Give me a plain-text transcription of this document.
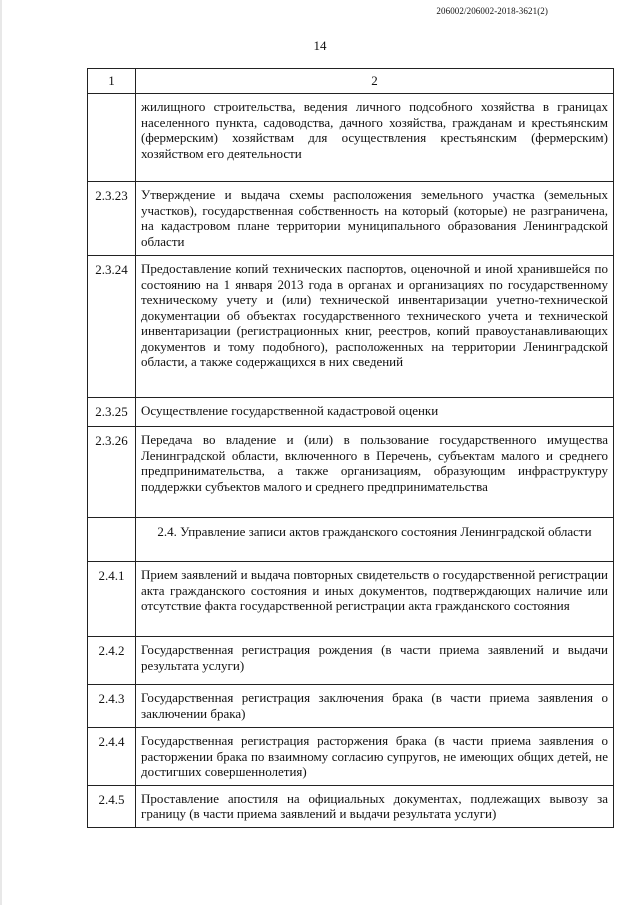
206002/206002-2018-3621(2)
14
1	2
	жилищного строительства, ведения личного подсобного хозяйства в границах населенного пункта, садоводства, дачного хозяйства, гражданам и крестьянским (фермерским) хозяйствам для осуществления крестьянским (фермерским) хозяйством его деятельности
2.3.23	Утверждение и выдача схемы расположения земельного участка (земельных участков), государственная собственность на который (которые) не разграничена, на кадастровом плане территории муниципального образования Ленинградской области
2.3.24	Предоставление копий технических паспортов, оценочной и иной хранившейся по состоянию на 1 января 2013 года в органах и организациях по государственному техническому учету и (или) технической инвентаризации учетно-технической документации об объектах государственного технического учета и технической инвентаризации (регистрационных книг, реестров, копий правоустанавливающих документов и тому подобного), расположенных на территории Ленинградской области, а также содержащихся в них сведений
2.3.25	Осуществление государственной кадастровой оценки
2.3.26	Передача во владение и (или) в пользование государственного имущества Ленинградской области, включенного в Перечень, субъектам малого и среднего предпринимательства, а также организациям, образующим инфраструктуру поддержки субъектов малого и среднего предпринимательства
	2.4. Управление записи актов гражданского состояния Ленинградской области
2.4.1	Прием заявлений и выдача повторных свидетельств о государственной регистрации акта гражданского состояния и иных документов, подтверждающих наличие или отсутствие факта государственной регистрации акта гражданского состояния
2.4.2	Государственная регистрация рождения (в части приема заявлений и выдачи результата услуги)
2.4.3	Государственная регистрация заключения брака (в части приема заявления о заключении брака)
2.4.4	Государственная регистрация расторжения брака (в части приема заявления о расторжении брака по взаимному согласию супругов, не имеющих общих детей, не достигших совершеннолетия)
2.4.5	Проставление апостиля на официальных документах, подлежащих вывозу за границу (в части приема заявлений и выдачи результата услуги)
